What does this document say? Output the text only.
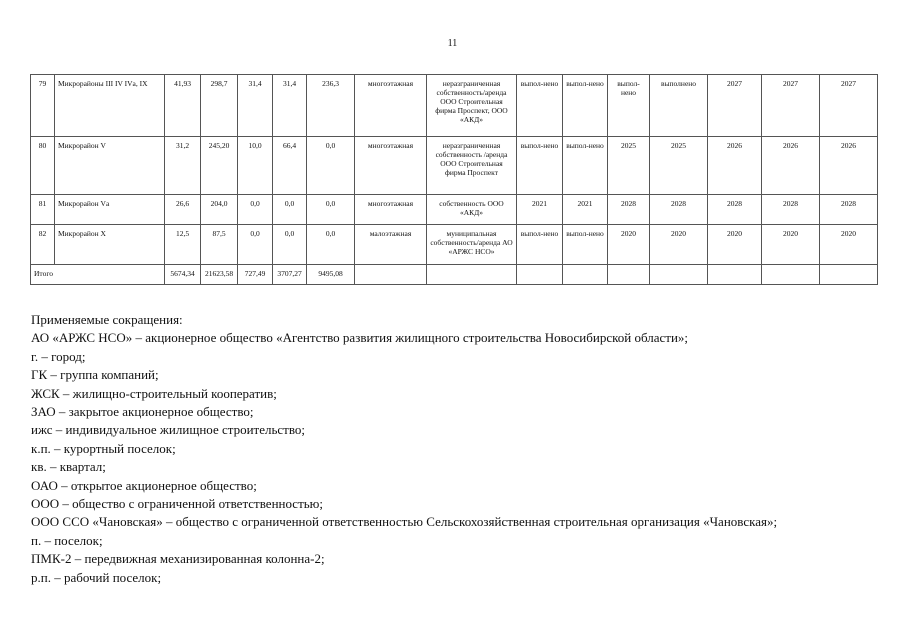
11
79	Микрорайоны III IV IVа, IX	41,93	298,7	31,4	31,4	236,3	многоэтажная	неразграниченная собственность/аренда ООО Строительная фирма Проспект, ООО «АКД»	выпол-нено	выпол-нено	выпол-нено	выполнено	2027	2027	2027
80	Микрорайон V	31,2	245,20	10,0	66,4	0,0	многоэтажная	неразграниченная собственность /аренда ООО Строительная фирма Проспект	выпол-нено	выпол-нено	2025	2025	2026	2026	2026
81	Микрорайон Vа	26,6	204,0	0,0	0,0	0,0	многоэтажная	собственность ООО «АКД»	2021	2021	2028	2028	2028	2028	2028
82	Микрорайон X	12,5	87,5	0,0	0,0	0,0	малоэтажная	муниципальная собственность/аренда АО «АРЖС НСО»	выпол-нено	выпол-нено	2020	2020	2020	2020	2020
Итого		5674,34	21623,58	727,49	3707,27	9495,08									

Применяемые сокращения:

АО «АРЖС НСО» – акционерное общество «Агентство развития жилищного строительства Новосибирской области»;

г. – город;

ГК – группа компаний;

ЖСК – жилищно-строительный кооператив;

ЗАО – закрытое акционерное общество;

ижс – индивидуальное жилищное строительство;

к.п. – курортный поселок;

кв. – квартал;

ОАО – открытое акционерное общество;

ООО – общество с ограниченной ответственностью;

ООО ССО «Чановская» – общество с ограниченной ответственностью Сельскохозяйственная строительная организация «Чановская»;

п. – поселок;

ПМК-2 – передвижная механизированная колонна-2;

р.п. – рабочий поселок;
